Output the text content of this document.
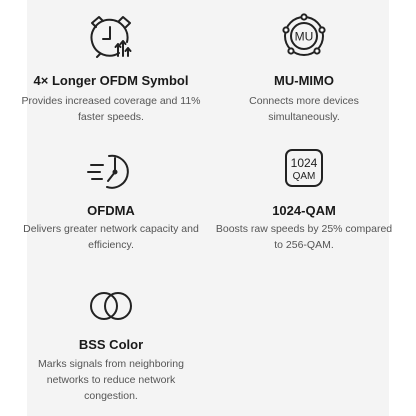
4× Longer OFDM Symbol
Provides increased coverage and 11% faster speeds.
MU
MU-MIMO
Connects more devices simultaneously.
OFDMA
Delivers greater network capacity and efficiency.
1024
QAM
1024-QAM
Boosts raw speeds by 25% compared to 256-QAM.
BSS Color
Marks signals from neighboring networks to reduce network congestion.
